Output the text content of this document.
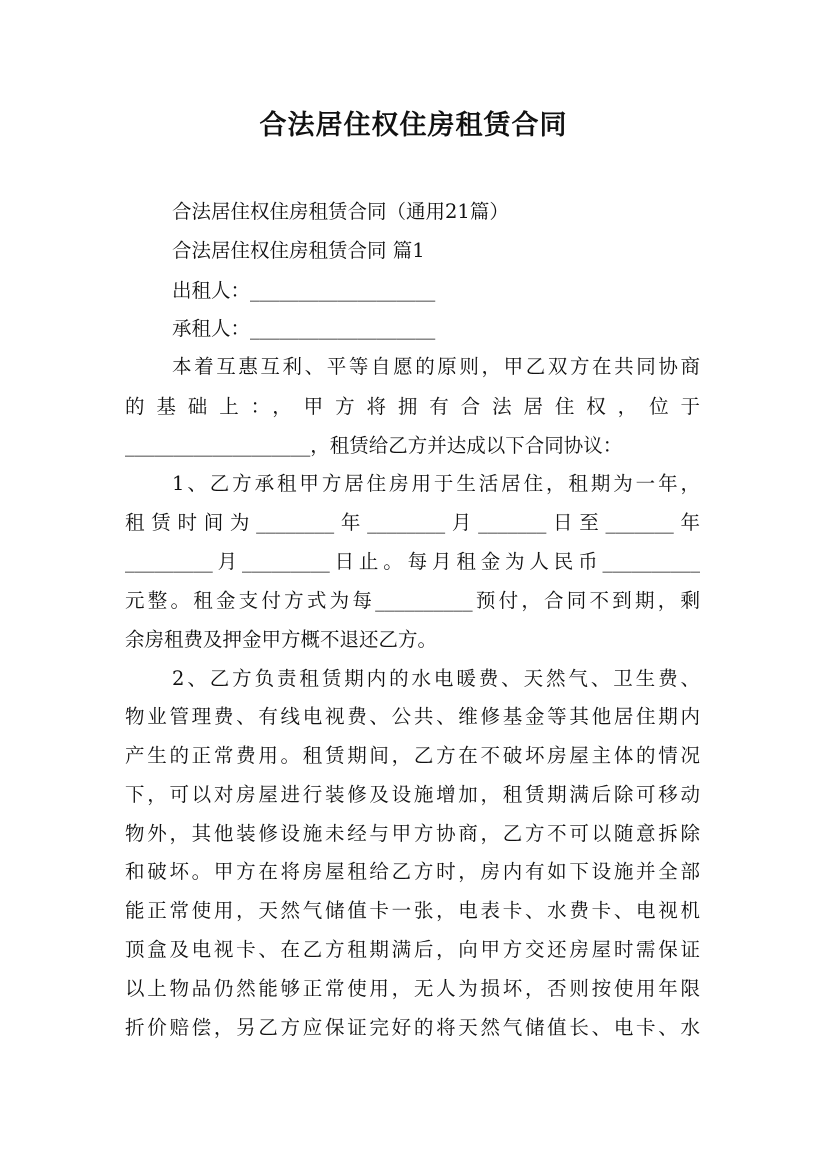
合法居住权住房租赁合同
合法居住权住房租赁合同（通用21篇）
合法居住权住房租赁合同 篇1
出租人：___________________
承租人：___________________
本着互惠互利、平等自愿的原则，甲乙双方在共同协商
的基础上：，甲方将拥有合法居住权，位于
___________________，租赁给乙方并达成以下合同协议：
1、乙方承租甲方居住房用于生活居住，租期为一年，
租赁时间为________年________月_______日至_______年
_________月_________日止。每月租金为人民币__________
元整。租金支付方式为每__________预付，合同不到期，剩
余房租费及押金甲方概不退还乙方。
2、乙方负责租赁期内的水电暖费、天然气、卫生费、
物业管理费、有线电视费、公共、维修基金等其他居住期内
产生的正常费用。租赁期间，乙方在不破坏房屋主体的情况
下，可以对房屋进行装修及设施增加，租赁期满后除可移动
物外，其他装修设施未经与甲方协商，乙方不可以随意拆除
和破坏。甲方在将房屋租给乙方时，房内有如下设施并全部
能正常使用，天然气储值卡一张，电表卡、水费卡、电视机
顶盒及电视卡、在乙方租期满后，向甲方交还房屋时需保证
以上物品仍然能够正常使用，无人为损坏，否则按使用年限
折价赔偿，另乙方应保证完好的将天然气储值长、电卡、水
